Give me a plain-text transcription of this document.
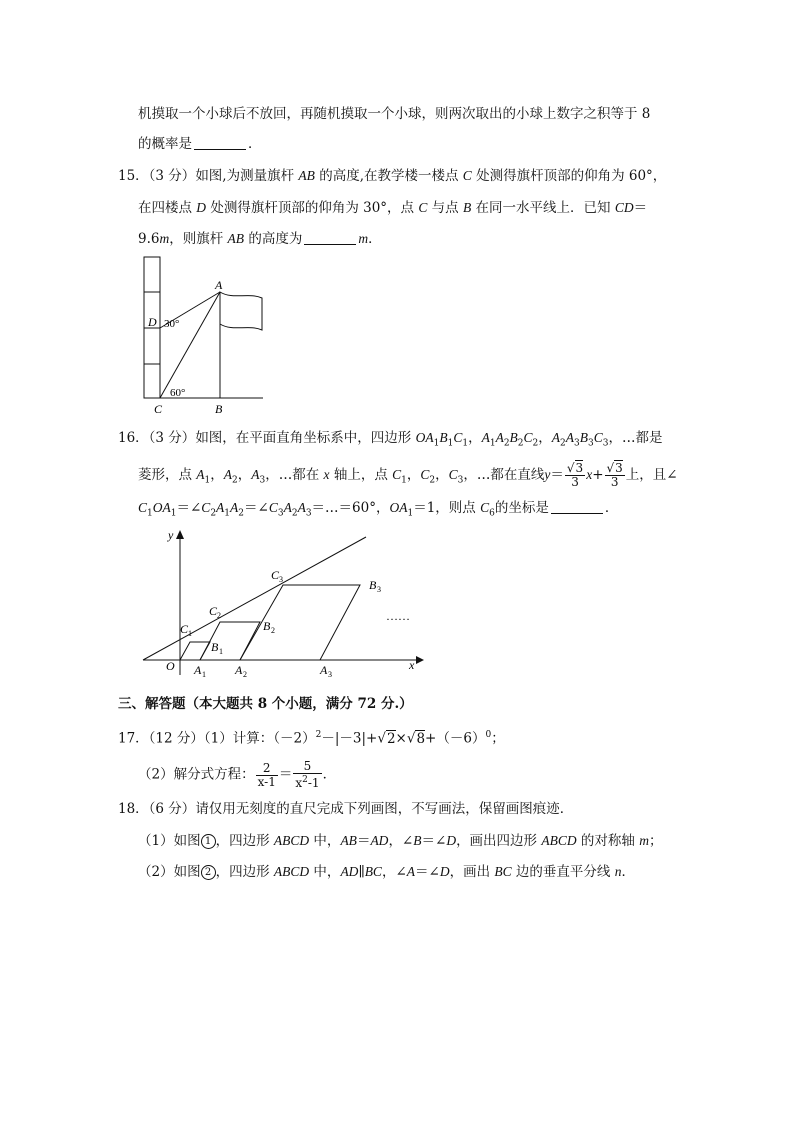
机摸取一个小球后不放回，再随机摸取一个小球，则两次取出的小球上数字之积等于 8
的概率是	．
15．（3 分）如图,为测量旗杆 AB 的高度,在教学楼一楼点 C 处测得旗杆顶部的仰角为 60°，
在四楼点 D 处测得旗杆顶部的仰角为 30°，点 C 与点 B 在同一水平线上．已知 CD＝
9.6m，则旗杆 AB 的高度为	m．
A
D 30°
60°
C	B
16．（3 分）如图，在平面直角坐标系中，四边形 $OA_1B_1C_1$，$A_1A_2B_2C_2$，$A_2A_3B_3C_3$，…都是
菱形，点 $A_1$，$A_2$，$A_3$，…都在 x 轴上，点 $C_1$，$C_2$，$C_3$，…都在直线$y= \frac{√3}{3} x+ \frac{√3}{3}$ 上，且∠
$C_1OA_1=\angle C_2A_1A_2=\angle C_3A_2A_3=\dots=60^\circ$，$OA_1=1$，则点 $C_6$的坐标是	．
y
x
O
C 1
B 1
A 1
C 2
B 2
A 2
C 3	B 3
A 3
……
三、解答题（本大题共 8 个小题，满分 72 分.）
17．（12 分）（1）计算：$(-2)^2-|-3|+√2\times√8+(-6)^0$；
（2）解分式方程： $\frac{2}{x-1} = \frac{5}{x^2-1}$ ．
18．（6 分）请仅用无刻度的直尺完成下列画图，不写画法，保留画图痕迹．
（1）如图 1 ，四边形 ABCD 中，AB＝AD，∠B＝∠D，画出四边形 ABCD 的对称轴 m；
（2）如图 2 ，四边形 ABCD 中，AD∥BC，∠A＝∠D，画出 BC 边的垂直平分线 n．
